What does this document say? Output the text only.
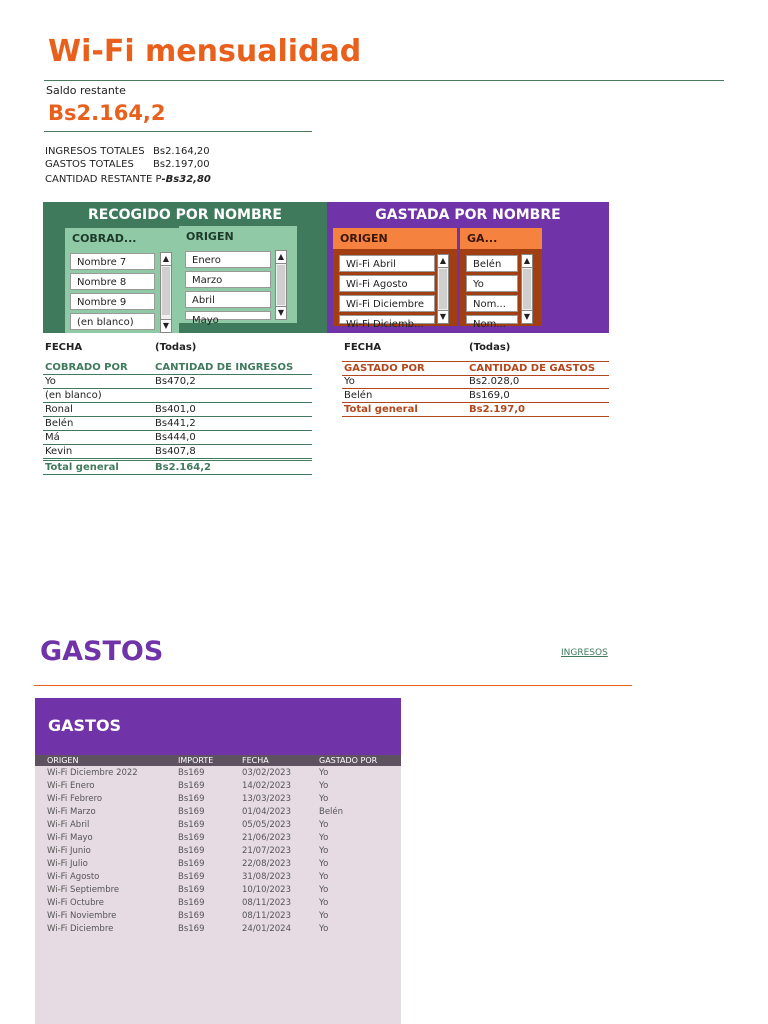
Wi-Fi mensualidad
Saldo restante
Bs2.164,2
INGRESOS TOTALES Bs2.164,20
GASTOS TOTALES Bs2.197,00
CANTIDAD RESTANTE P-Bs32,80
RECOGIDO POR NOMBRE
COBRAD...
Nombre 7
Nombre 8
Nombre 9
(en blanco)
▲
▼
ORIGEN
Enero
Marzo
Abril
Mayo
▲
▼
GASTADA POR NOMBRE
ORIGEN
Wi-Fi Abril
Wi-Fi Agosto
Wi-Fi Diciembre
Wi-Fi Diciemb...
▲
▼
GA...
Belén
Yo
Nom...
Nom...
▲
▼
FECHA	(Todas)
COBRADO POR	CANTIDAD DE INGRESOS
Yo	Bs470,2
(en blanco)
Ronal	Bs401,0
Belén	Bs441,2
Má	Bs444,0
Kevin	Bs407,8
Total general	Bs2.164,2
FECHA	(Todas)
GASTADO POR	CANTIDAD DE GASTOS
Yo	Bs2.028,0
Belén	Bs169,0
Total general	Bs2.197,0
GASTOS	INGRESOS
GASTOS
ORIGEN	IMPORTE	FECHA	GASTADO POR
Wi-Fi Diciembre 2022	Bs169	03/02/2023	Yo
Wi-Fi Enero	Bs169	14/02/2023	Yo
Wi-Fi Febrero	Bs169	13/03/2023	Yo
Wi-Fi Marzo	Bs169	01/04/2023	Belén
Wi-Fi Abril	Bs169	05/05/2023	Yo
Wi-Fi Mayo	Bs169	21/06/2023	Yo
Wi-Fi Junio	Bs169	21/07/2023	Yo
Wi-Fi Julio	Bs169	22/08/2023	Yo
Wi-Fi Agosto	Bs169	31/08/2023	Yo
Wi-Fi Septiembre	Bs169	10/10/2023	Yo
Wi-Fi Octubre	Bs169	08/11/2023	Yo
Wi-Fi Noviembre	Bs169	08/11/2023	Yo
Wi-Fi Diciembre	Bs169	24/01/2024	Yo
